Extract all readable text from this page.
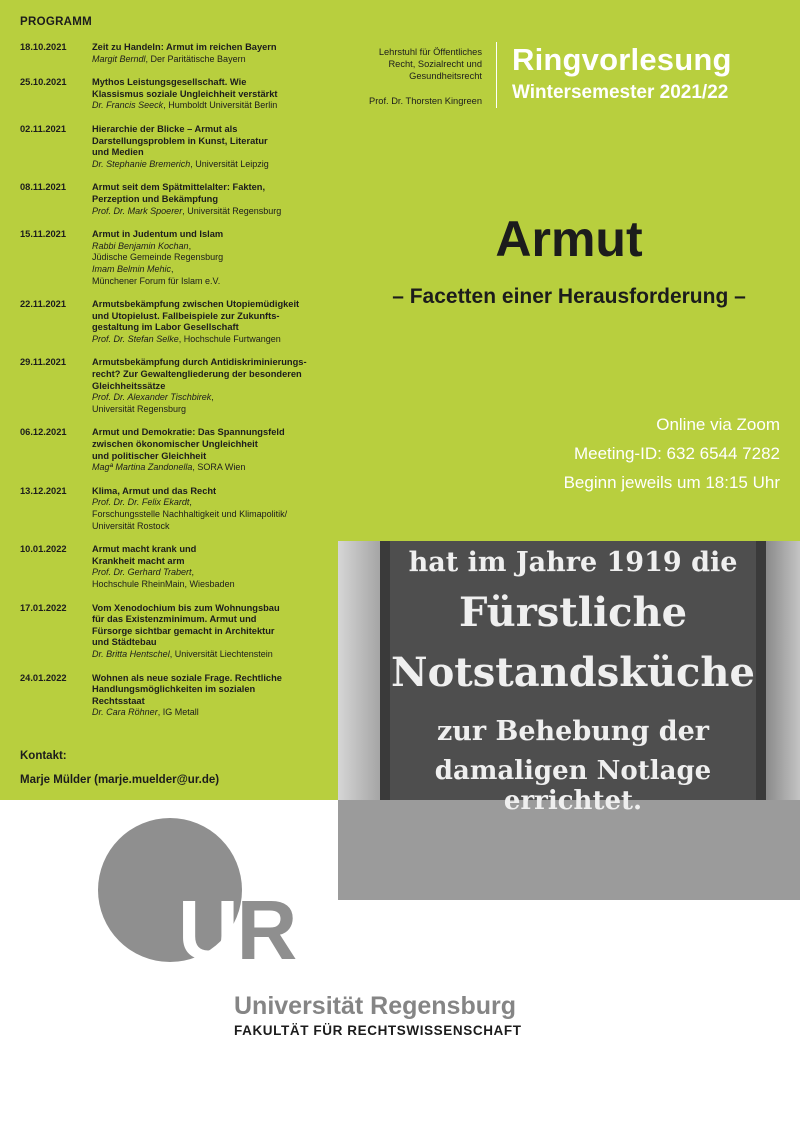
PROGRAMM
18.10.2021	Zeit zu Handeln: Armut im reichen Bayern
Margit Berndl, Der Paritätische Bayern
25.10.2021	Mythos Leistungsgesellschaft. Wie
Klassismus soziale Ungleichheit verstärkt
Dr. Francis Seeck, Humboldt Universität Berlin
02.11.2021	Hierarchie der Blicke – Armut als
Darstellungsproblem in Kunst, Literatur
und Medien
Dr. Stephanie Bremerich, Universität Leipzig
08.11.2021	Armut seit dem Spätmittelalter: Fakten,
Perzeption und Bekämpfung
Prof. Dr. Mark Spoerer, Universität Regensburg
15.11.2021	Armut in Judentum und Islam
Rabbi Benjamin Kochan,
Jüdische Gemeinde Regensburg
Imam Belmin Mehic,
Münchener Forum für Islam e.V.
22.11.2021	Armutsbekämpfung zwischen Utopiemüdigkeit
und Utopielust. Fallbeispiele zur Zukunfts-
gestaltung im Labor Gesellschaft
Prof. Dr. Stefan Selke, Hochschule Furtwangen
29.11.2021	Armutsbekämpfung durch Antidiskriminierungs-
recht? Zur Gewaltengliederung der besonderen
Gleichheitssätze
Prof. Dr. Alexander Tischbirek,
Universität Regensburg
06.12.2021	Armut und Demokratie: Das Spannungsfeld
zwischen ökonomischer Ungleichheit
und politischer Gleichheit
Magª Martina Zandonella, SORA Wien
13.12.2021	Klima, Armut und das Recht
Prof. Dr. Dr. Felix Ekardt,
Forschungsstelle Nachhaltigkeit und Klimapolitik/
Universität Rostock
10.01.2022	Armut macht krank und
Krankheit macht arm
Prof. Dr. Gerhard Trabert,
Hochschule RheinMain, Wiesbaden
17.01.2022	Vom Xenodochium bis zum Wohnungsbau
für das Existenzminimum. Armut und
Fürsorge sichtbar gemacht in Architektur
und Städtebau
Dr. Britta Hentschel, Universität Liechtenstein
24.01.2022	Wohnen als neue soziale Frage. Rechtliche
Handlungsmöglichkeiten im sozialen
Rechtsstaat
Dr. Cara Röhner, IG Metall
Kontakt:
Marje Mülder (marje.muelder@ur.de)
Lehrstuhl für Öffentliches
Recht, Sozialrecht und
Gesundheitsrecht
Prof. Dr. Thorsten Kingreen
Ringvorlesung
Wintersemester 2021/22
Armut
– Facetten einer Herausforderung –
Online via Zoom
Meeting-ID: 632 6544 7282
Beginn jeweils um 18:15 Uhr
hat im Jahre 1919 die
Fürstliche
Notstandsküche
zur Behebung der
damaligen Notlage errichtet.
UR
Universität Regensburg
FAKULTÄT FÜR RECHTSWISSENSCHAFT
